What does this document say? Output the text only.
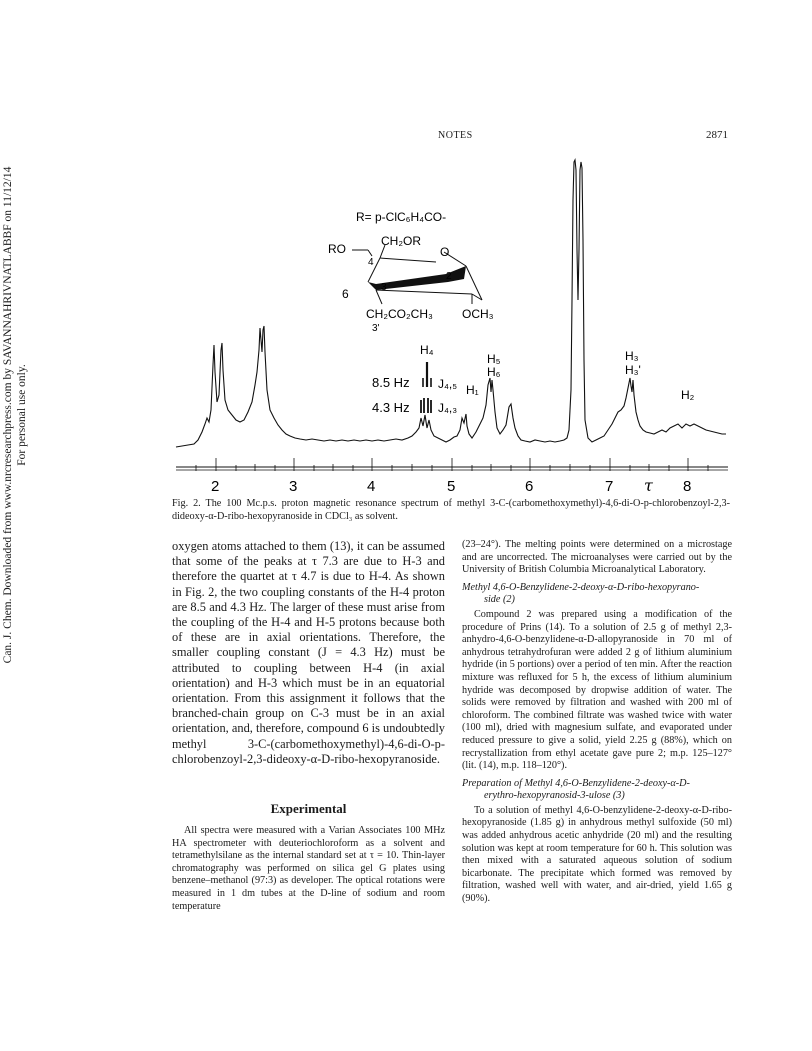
NOTES	2871
Can. J. Chem. Downloaded from www.nrcresearchpress.com by SAVANNAHRIVNATLABBF on 11/12/14 For personal use only.
R= p-ClC₆H₄CO-
CH₂OR
RO	O
4
2
3
6
CH₂CO₂CH₃ OCH₃
3'
H₄
8.5 Hz J₄,₅ H₁
4.3 Hz J₄,₃
H₅
H₆
H₃
H₃'
H₂
2	3	4	5	6	7	8
τ
Fig. 2. The 100 Mc.p.s. proton magnetic resonance spectrum of methyl 3-C-(carbomethoxymethyl)-4,6-di-O-p-chlorobenzoyl-2,3-dideoxy-α-D-ribo-hexopyranoside in CDCl₃ as solvent.

oxygen atoms attached to them (13), it can be assumed that some of the peaks at τ 7.3 are due to H-3 and therefore the quartet at τ 4.7 is due to H-4. As shown in Fig. 2, the two coupling constants of the H-4 proton are 8.5 and 4.3 Hz. The larger of these must arise from the coupling of the H-4 and H-5 protons because both of these are in axial orientations. Therefore, the smaller coupling constant (J = 4.3 Hz) must be attributed to coupling between H-4 (in axial orientation) and H-3 which must be in an equatorial orientation. From this assignment it follows that the branched-chain group on C-3 must be in an axial orientation, and, therefore, compound 6 is undoubtedly methyl 3-C-(carbomethoxymethyl)-4,6-di-O-p-chlorobenzoyl-2,3-dideoxy-α-D-ribo-hexopyranoside.

Experimental

All spectra were measured with a Varian Associates 100 MHz HA spectrometer with deuteriochloroform as a solvent and tetramethylsilane as the internal standard set at τ = 10. Thin-layer chromatography was performed on silica gel G plates using benzene–methanol (97:3) as developer. The optical rotations were measured in 1 dm tubes at the D-line of sodium and room temperature

(23–24°). The melting points were determined on a microstage and are uncorrected. The microanalyses were carried out by the University of British Columbia Microanalytical Laboratory.

Methyl 4,6-O-Benzylidene-2-deoxy-α-D-ribo-hexopyrano-
side (2)

Compound 2 was prepared using a modification of the procedure of Prins (14). To a solution of 2.5 g of methyl 2,3-anhydro-4,6-O-benzylidene-α-D-allopyranoside in 70 ml of anhydrous tetrahydrofuran were added 2 g of lithium aluminium hydride (in 5 portions) over a period of ten min. After the reaction mixture was refluxed for 5 h, the excess of lithium aluminium hydride was decomposed by dropwise addition of water. The solids were removed by filtration and washed with 200 ml of chloroform. The combined filtrate was washed twice with water (100 ml), dried with magnesium sulfate, and evaporated under reduced pressure to give a solid, yield 2.25 g (88%), which on recrystallization from ethyl acetate gave pure 2; m.p. 125–127° (lit. (14), m.p. 118–120°).

Preparation of Methyl 4,6-O-Benzylidene-2-deoxy-α-D-
erythro-hexopyranosid-3-ulose (3)

To a solution of methyl 4,6-O-benzylidene-2-deoxy-α-D-ribo-hexopyranoside (1.85 g) in anhydrous methyl sulfoxide (50 ml) was added anhydrous acetic anhydride (20 ml) and the resulting solution was kept at room temperature for 60 h. This solution was then mixed with a saturated aqueous solution of sodium bicarbonate. The precipitate which formed was removed by filtration, washed well with water, and air-dried, yield 1.65 g (90%).
